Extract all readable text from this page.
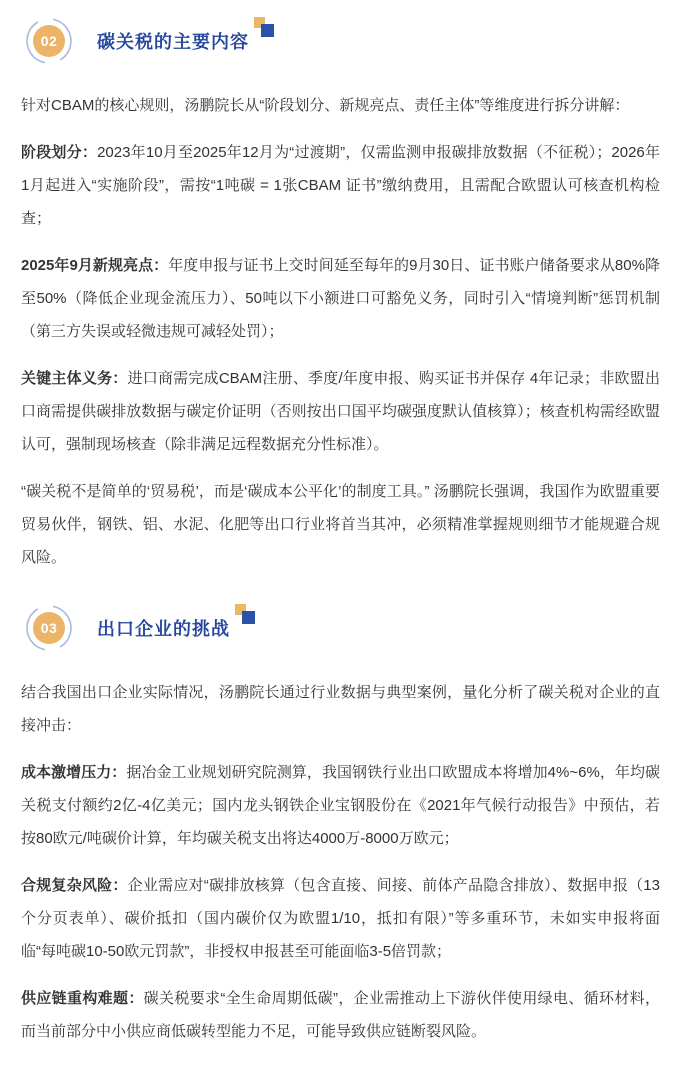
02 碳关税的主要内容

针对CBAM的核心规则，汤鹏院长从“阶段划分、新规亮点、责任主体”等维度进行拆分讲解：

阶段划分：2023年10月至2025年12月为“过渡期”，仅需监测申报碳排放数据（不征税）；2026年1月起进入“实施阶段”，需按“1吨碳 = 1张CBAM 证书”缴纳费用，且需配合欧盟认可核查机构检查；

2025年9月新规亮点：年度申报与证书上交时间延至每年的9月30日、证书账户储备要求从80%降至50%（降低企业现金流压力）、50吨以下小额进口可豁免义务，同时引入“情境判断”惩罚机制（第三方失误或轻微违规可减轻处罚）；

关键主体义务：进口商需完成CBAM注册、季度/年度申报、购买证书并保存 4年记录；非欧盟出口商需提供碳排放数据与碳定价证明（否则按出口国平均碳强度默认值核算）；核查机构需经欧盟认可，强制现场核查（除非满足远程数据充分性标准）。

“碳关税不是简单的‘贸易税’，而是‘碳成本公平化’的制度工具。” 汤鹏院长强调，我国作为欧盟重要贸易伙伴，钢铁、铝、水泥、化肥等出口行业将首当其冲，必须精准掌握规则细节才能规避合规风险。

03 出口企业的挑战

结合我国出口企业实际情况，汤鹏院长通过行业数据与典型案例，量化分析了碳关税对企业的直接冲击：

成本激增压力：据冶金工业规划研究院测算，我国钢铁行业出口欧盟成本将增加4%~6%，年均碳关税支付额约2亿-4亿美元；国内龙头钢铁企业宝钢股份在《2021年气候行动报告》中预估，若按80欧元/吨碳价计算，年均碳关税支出将达4000万-8000万欧元；

合规复杂风险：企业需应对“碳排放核算（包含直接、间接、前体产品隐含排放）、数据申报（13个分页表单）、碳价抵扣（国内碳价仅为欧盟1/10，抵扣有限）”等多重环节，未如实申报将面临“每吨碳10-50欧元罚款”，非授权申报甚至可能面临3-5倍罚款；

供应链重构难题：碳关税要求“全生命周期低碳”，企业需推动上下游伙伴使用绿电、循环材料，而当前部分中小供应商低碳转型能力不足，可能导致供应链断裂风险。
